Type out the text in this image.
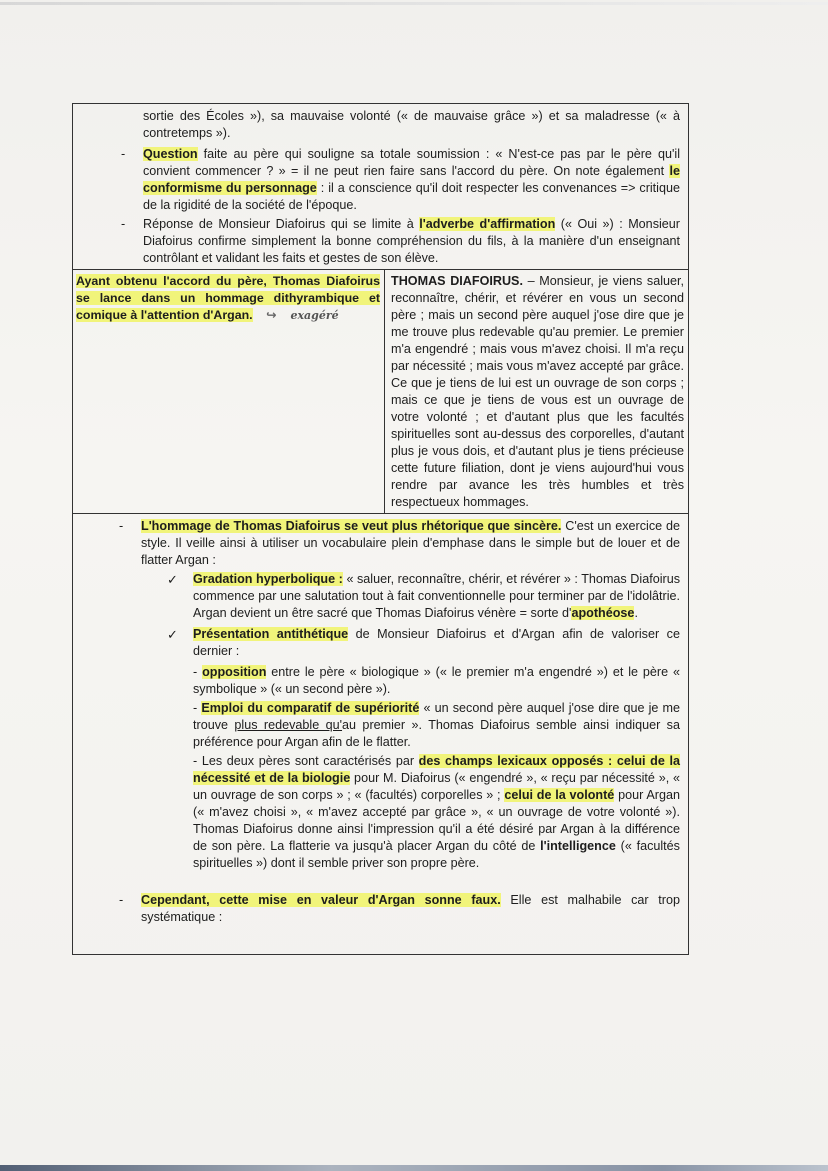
sortie des Écoles »), sa mauvaise volonté (« de mauvaise grâce ») et sa maladresse (« à contretemps »).

- Question faite au père qui souligne sa totale soumission : « N'est-ce pas par le père qu'il convient commencer ? » = il ne peut rien faire sans l'accord du père. On note également le conformisme du personnage : il a conscience qu'il doit respecter les convenances => critique de la rigidité de la société de l'époque.

- Réponse de Monsieur Diafoirus qui se limite à l'adverbe d'affirmation (« Oui ») : Monsieur Diafoirus confirme simplement la bonne compréhension du fils, à la manière d'un enseignant contrôlant et validant les faits et gestes de son élève.

Ayant obtenu l'accord du père, Thomas Diafoirus se lance dans un hommage dithyrambique et comique à l'attention d'Argan. ↪ exagéré
THOMAS DIAFOIRUS. – Monsieur, je viens saluer, reconnaître, chérir, et révérer en vous un second père ; mais un second père auquel j'ose dire que je me trouve plus redevable qu'au premier. Le premier m'a engendré ; mais vous m'avez choisi. Il m'a reçu par nécessité ; mais vous m'avez accepté par grâce. Ce que je tiens de lui est un ouvrage de son corps ; mais ce que je tiens de vous est un ouvrage de votre volonté ; et d'autant plus que les facultés spirituelles sont au-dessus des corporelles, d'autant plus je vous dois, et d'autant plus je tiens précieuse cette future filiation, dont je viens aujourd'hui vous rendre par avance les très humbles et très respectueux hommages.

- L'hommage de Thomas Diafoirus se veut plus rhétorique que sincère. C'est un exercice de style. Il veille ainsi à utiliser un vocabulaire plein d'emphase dans le simple but de louer et de flatter Argan :

✓ Gradation hyperbolique : « saluer, reconnaître, chérir, et révérer » : Thomas Diafoirus commence par une salutation tout à fait conventionnelle pour terminer par de l'idolâtrie. Argan devient un être sacré que Thomas Diafoirus vénère = sorte d'apothéose.
✓ Présentation antithétique de Monsieur Diafoirus et d'Argan afin de valoriser ce dernier :

- opposition entre le père « biologique » (« le premier m'a engendré ») et le père « symbolique » (« un second père »).

- Emploi du comparatif de supériorité « un second père auquel j'ose dire que je me trouve plus redevable qu'au premier ». Thomas Diafoirus semble ainsi indiquer sa préférence pour Argan afin de le flatter.

- Les deux pères sont caractérisés par des champs lexicaux opposés : celui de la nécessité et de la biologie pour M. Diafoirus (« engendré », « reçu par nécessité », « un ouvrage de son corps » ; « (facultés) corporelles » ; celui de la volonté pour Argan (« m'avez choisi », « m'avez accepté par grâce », « un ouvrage de votre volonté »). Thomas Diafoirus donne ainsi l'impression qu'il a été désiré par Argan à la différence de son père. La flatterie va jusqu'à placer Argan du côté de l'intelligence (« facultés spirituelles ») dont il semble priver son propre père.

- Cependant, cette mise en valeur d'Argan sonne faux. Elle est malhabile car trop systématique :
